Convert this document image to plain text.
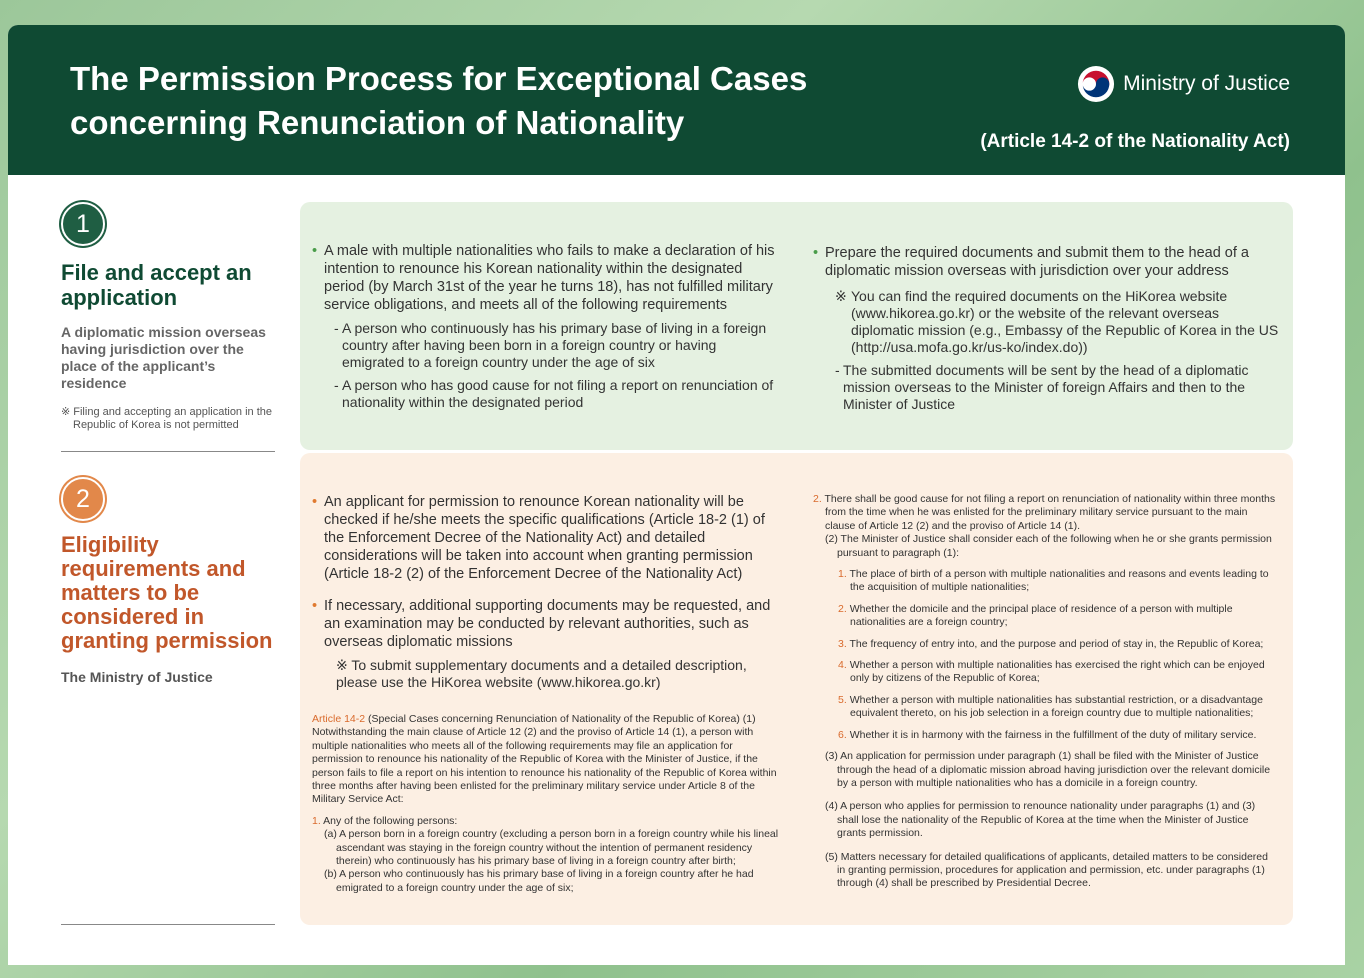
The Permission Process for Exceptional Cases
concerning Renunciation of Nationality
Ministry of Justice
(Article 14-2 of the Nationality Act)
1
File and accept an application
A diplomatic mission overseas having jurisdiction over the place of the applicant’s residence
※ Filing and accepting an application in the Republic of Korea is not permitted
• A male with multiple nationalities who fails to make a declaration of his intention to renounce his Korean nationality within the designated period (by March 31st of the year he turns 18), has not fulfilled military service obligations, and meets all of the following requirements
- A person who continuously has his primary base of living in a foreign country after having been born in a foreign country or having emigrated to a foreign country under the age of six
- A person who has good cause for not filing a report on renunciation of nationality within the designated period
• Prepare the required documents and submit them to the head of a diplomatic mission overseas with jurisdiction over your address
※ You can find the required documents on the HiKorea website (www.hikorea.go.kr) or the website of the relevant overseas diplomatic mission (e.g., Embassy of the Republic of Korea in the US (http://usa.mofa.go.kr/us-ko/index.do))
- The submitted documents will be sent by the head of a diplomatic mission overseas to the Minister of foreign Affairs and then to the Minister of Justice
2
Eligibility requirements and matters to be considered in granting permission
The Ministry of Justice
• An applicant for permission to renounce Korean nationality will be checked if he/she meets the specific qualifications (Article 18-2 (1) of the Enforcement Decree of the Nationality Act) and detailed considerations will be taken into account when granting permission (Article 18-2 (2) of the Enforcement Decree of the Nationality Act)
• If necessary, additional supporting documents may be requested, and an examination may be conducted by relevant authorities, such as overseas diplomatic missions
※ To submit supplementary documents and a detailed description, please use the HiKorea website (www.hikorea.go.kr)
Article 14-2 (Special Cases concerning Renunciation of Nationality of the Republic of Korea) (1) Notwithstanding the main clause of Article 12 (2) and the proviso of Article 14 (1), a person with multiple nationalities who meets all of the following requirements may file an application for permission to renounce his nationality of the Republic of Korea with the Minister of Justice, if the person fails to file a report on his intention to renounce his nationality of the Republic of Korea within three months after having been enlisted for the preliminary military service under Article 8 of the Military Service Act:
1. Any of the following persons:
(a) A person born in a foreign country (excluding a person born in a foreign country while his lineal ascendant was staying in the foreign country without the intention of permanent residency therein) who continuously has his primary base of living in a foreign country after birth;
(b) A person who continuously has his primary base of living in a foreign country after he had emigrated to a foreign country under the age of six;
2. There shall be good cause for not filing a report on renunciation of nationality within three months from the time when he was enlisted for the preliminary military service pursuant to the main clause of Article 12 (2) and the proviso of Article 14 (1).
(2) The Minister of Justice shall consider each of the following when he or she grants permission pursuant to paragraph (1):
1. The place of birth of a person with multiple nationalities and reasons and events leading to the acquisition of multiple nationalities;
2. Whether the domicile and the principal place of residence of a person with multiple nationalities are a foreign country;
3. The frequency of entry into, and the purpose and period of stay in, the Republic of Korea;
4. Whether a person with multiple nationalities has exercised the right which can be enjoyed only by citizens of the Republic of Korea;
5. Whether a person with multiple nationalities has substantial restriction, or a disadvantage equivalent thereto, on his job selection in a foreign country due to multiple nationalities;
6. Whether it is in harmony with the fairness in the fulfillment of the duty of military service.
(3) An application for permission under paragraph (1) shall be filed with the Minister of Justice through the head of a diplomatic mission abroad having jurisdiction over the relevant domicile by a person with multiple nationalities who has a domicile in a foreign country.
(4) A person who applies for permission to renounce nationality under paragraphs (1) and (3) shall lose the nationality of the Republic of Korea at the time when the Minister of Justice grants permission.
(5) Matters necessary for detailed qualifications of applicants, detailed matters to be considered in granting permission, procedures for application and permission, etc. under paragraphs (1) through (4) shall be prescribed by Presidential Decree.
